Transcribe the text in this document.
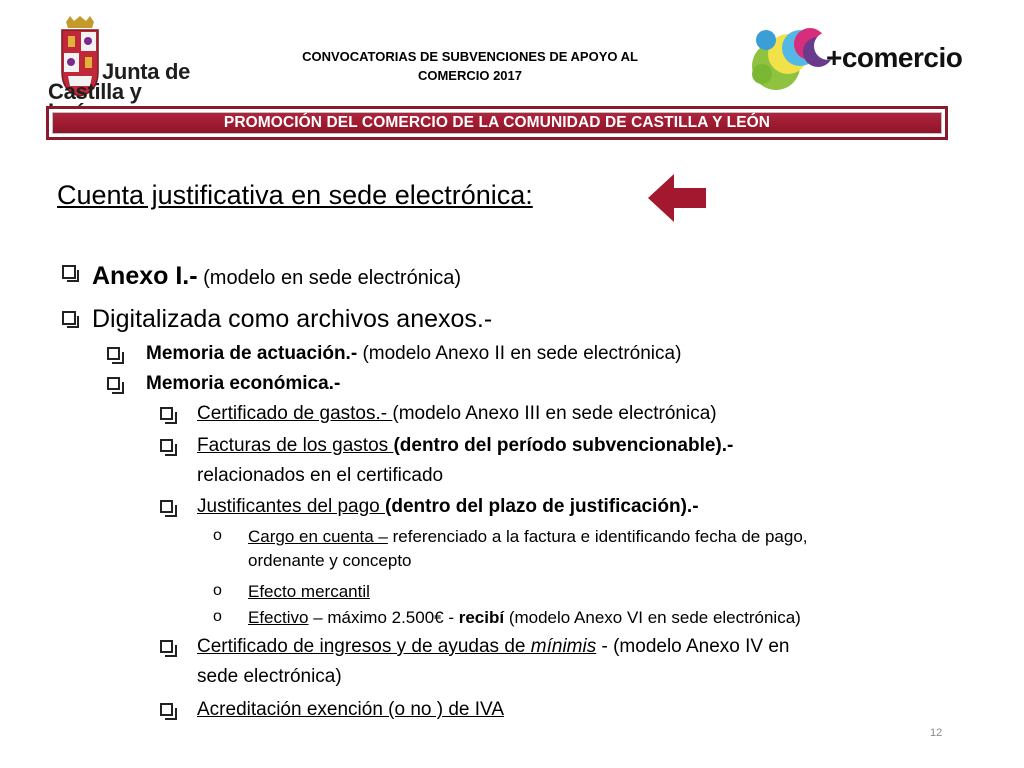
Junta de
Castilla y
CONVOCATORIAS DE SUBVENCIONES DE APOYO AL
COMERCIO 2017
+comercio
PROMOCIÓN DEL COMERCIO DE LA COMUNIDAD DE CASTILLA Y LEÓN
Cuenta justificativa en sede electrónica:
Anexo I.- (modelo en sede electrónica)
Digitalizada como archivos anexos.-
Memoria de actuación.- (modelo Anexo II en sede electrónica)
Memoria económica.-
Certificado de gastos.- (modelo Anexo III en sede electrónica)
Facturas de los gastos (dentro del período subvencionable).-
relacionados en el certificado
Justificantes del pago (dentro del plazo de justificación).-
o Cargo en cuenta – referenciado a la factura e identificando fecha de pago,
ordenante y concepto
o Efecto mercantil
o Efectivo – máximo 2.500€ - recibí (modelo Anexo VI en sede electrónica)
Certificado de ingresos y de ayudas de mínimis - (modelo Anexo IV en
sede electrónica)
Acreditación exención (o no ) de IVA
12
